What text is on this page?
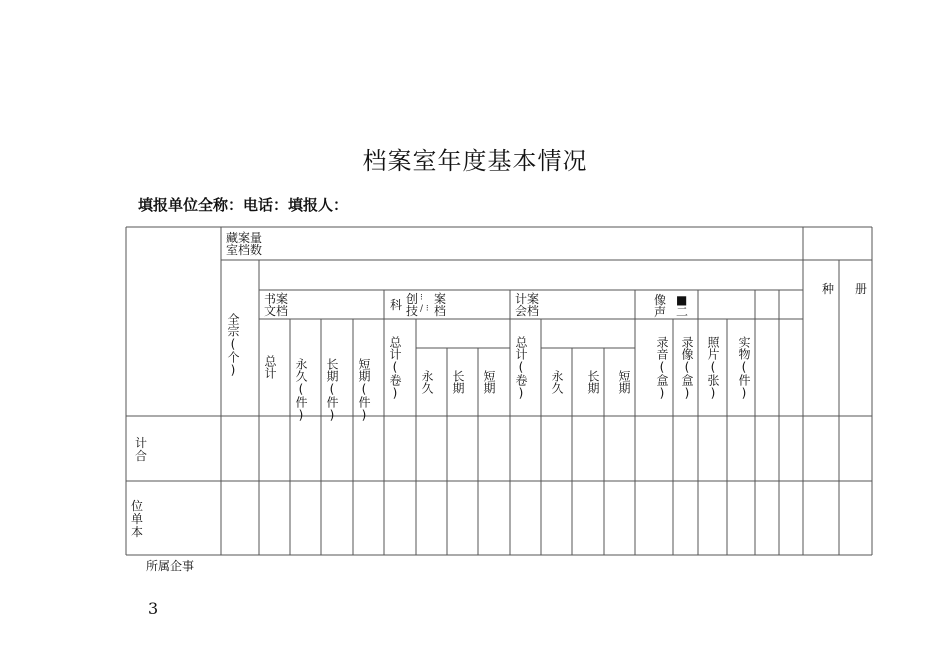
档案室年度基本情况
填报单位全称：电话：填报人：
藏案量
室档数
全宗(个)
书案
文档	科 创
技
⁝
∕ ⁝
案
档
计案
会档
像
声
■
二
种 册
总计 永久(件) 长期(件) 短期(件) 总计(卷) 永久 长期 短期 总计(卷) 永久 长期 短期 录音(盒) 录像(盒) 照片(张) 实物(件)
计
合
位
单
本
所属企事
3
